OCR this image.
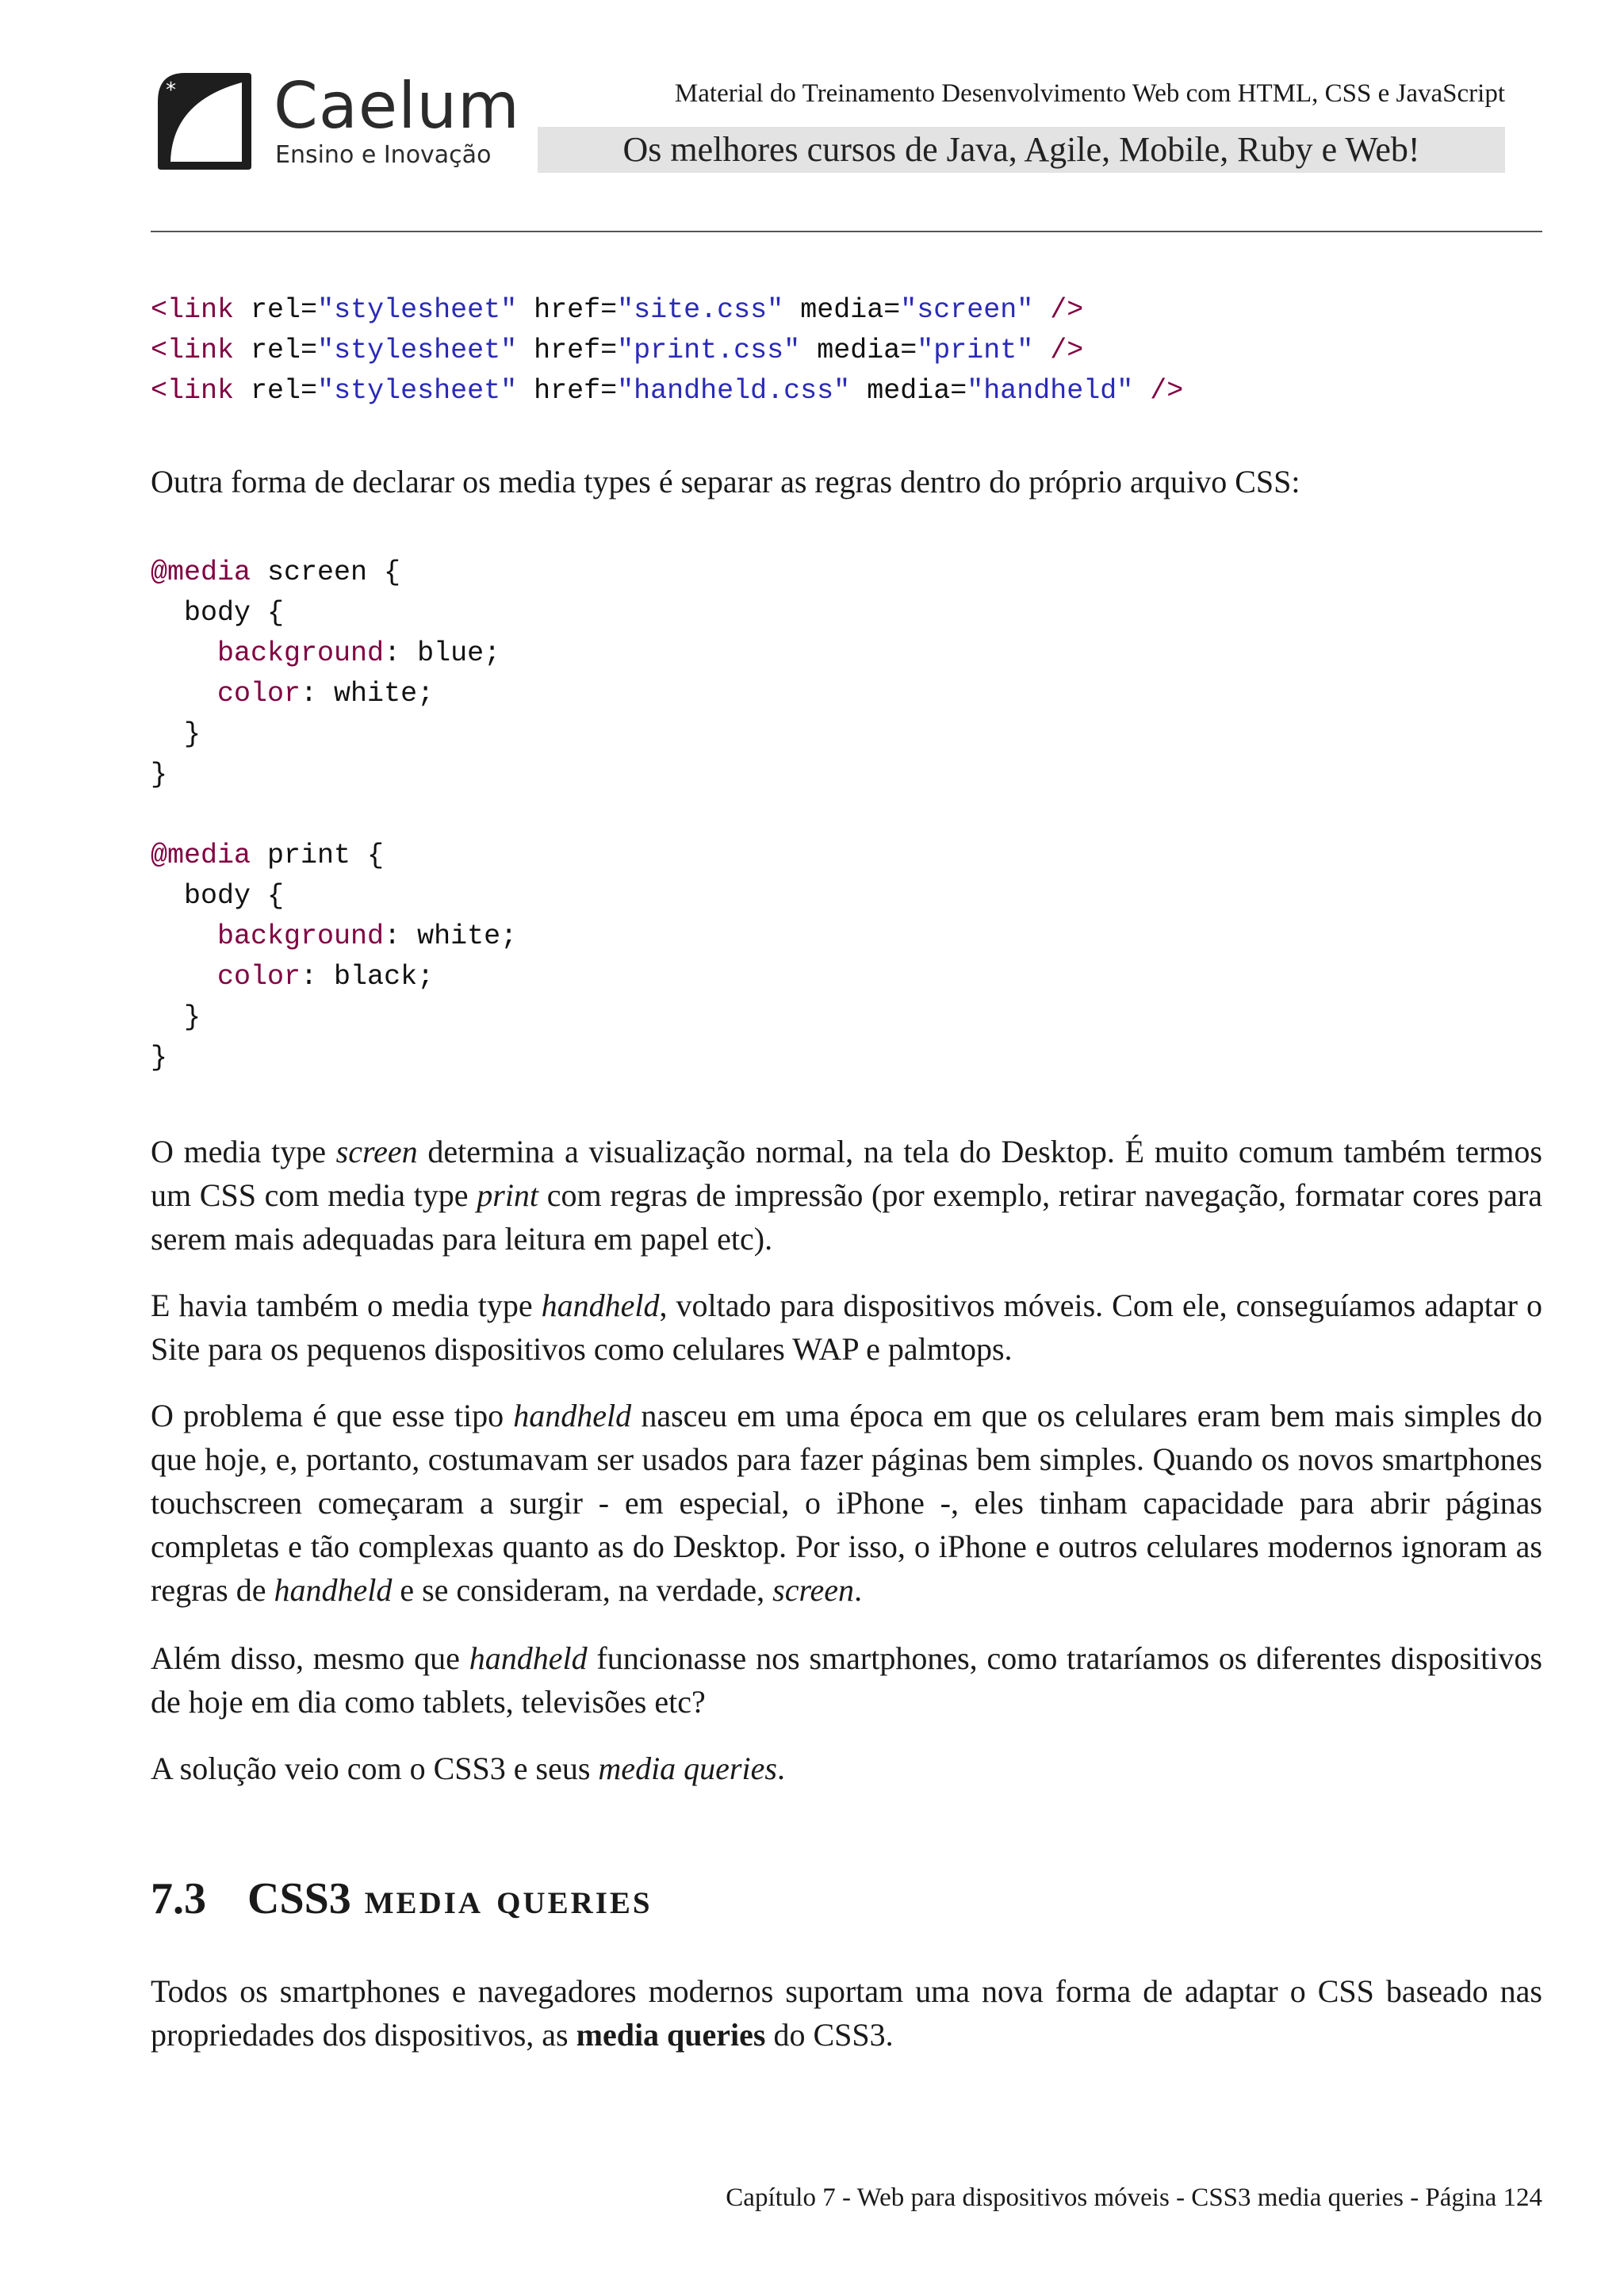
* Caelum
Ensino e Inovação
Material do Treinamento Desenvolvimento Web com HTML, CSS e JavaScript
Os melhores cursos de Java, Agile, Mobile, Ruby e Web!
<link rel="stylesheet" href="site.css" media="screen" />
<link rel="stylesheet" href="print.css" media="print" />
<link rel="stylesheet" href="handheld.css" media="handheld" />

Outra forma de declarar os media types é separar as regras dentro do próprio arquivo CSS:

@media screen {
body {
background: blue;
color: white;
}
}

@media print {
body {
background: white;
color: black;
}
}

O media type screen determina a visualização normal, na tela do Desktop. É muito comum também termos um CSS com media type print com regras de impressão (por exemplo, retirar navegação, formatar cores para serem mais adequadas para leitura em papel etc).

E havia também o media type handheld, voltado para dispositivos móveis. Com ele, conseguíamos adaptar o Site para os pequenos dispositivos como celulares WAP e palmtops.

O problema é que esse tipo handheld nasceu em uma época em que os celulares eram bem mais simples do que hoje, e, portanto, costumavam ser usados para fazer páginas bem simples. Quando os novos smartphones touchscreen começaram a surgir - em especial, o iPhone -, eles tinham capacidade para abrir páginas completas e tão complexas quanto as do Desktop. Por isso, o iPhone e outros celulares modernos ignoram as regras de handheld e se consideram, na verdade, screen.

Além disso, mesmo que handheld funcionasse nos smartphones, como trataríamos os diferentes dispositivos de hoje em dia como tablets, televisões etc?

A solução veio com o CSS3 e seus media queries.

7.3 CSS3 media queries

Todos os smartphones e navegadores modernos suportam uma nova forma de adaptar o CSS baseado nas propriedades dos dispositivos, as media queries do CSS3.

Capítulo 7 - Web para dispositivos móveis - CSS3 media queries - Página 124
